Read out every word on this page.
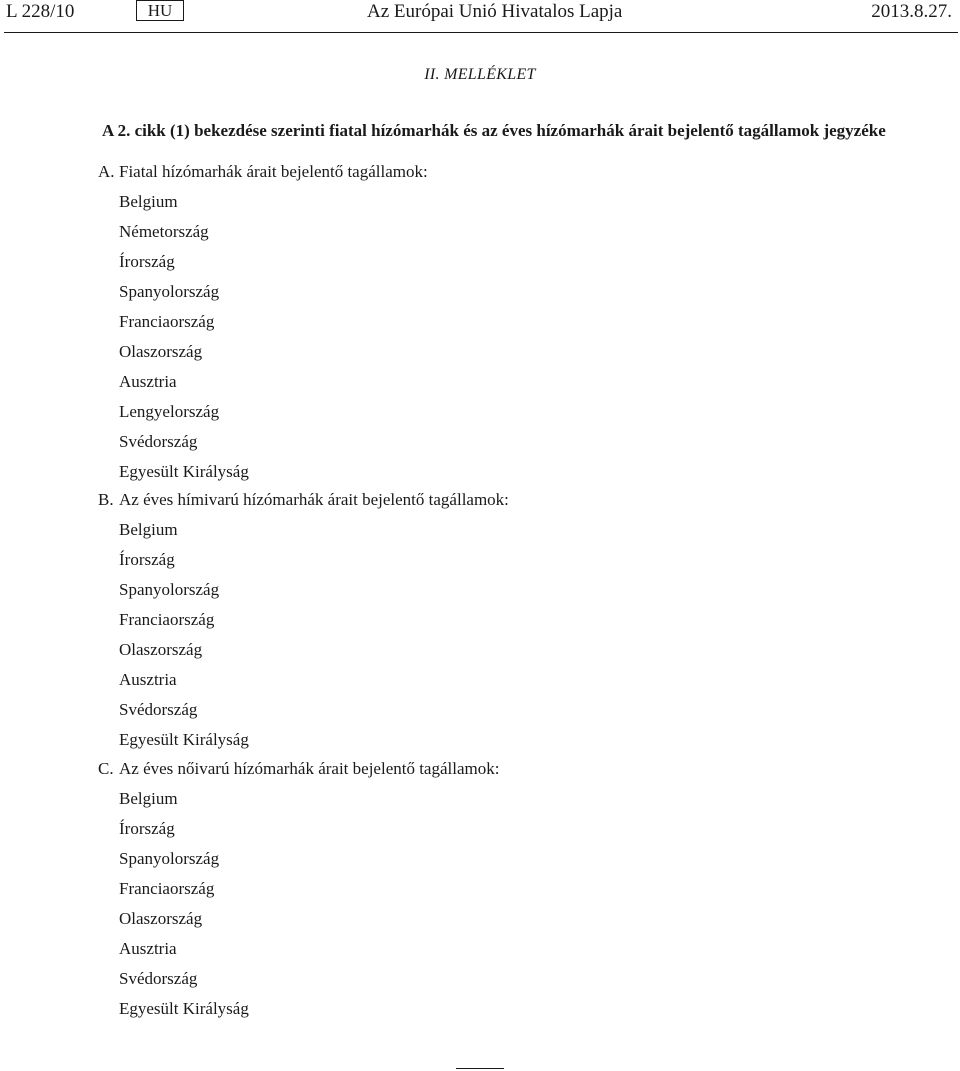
L 228/10	HU	Az Európai Unió Hivatalos Lapja	2013.8.27.
II. MELLÉKLET
A 2. cikk (1) bekezdése szerinti fiatal hízómarhák és az éves hízómarhák árait bejelentő tagállamok jegyzéke
A. Fiatal hízómarhák árait bejelentő tagállamok:
Belgium
Németország
Írország
Spanyolország
Franciaország
Olaszország
Ausztria
Lengyelország
Svédország
Egyesült Királyság
B. Az éves hímivarú hízómarhák árait bejelentő tagállamok:
Belgium
Írország
Spanyolország
Franciaország
Olaszország
Ausztria
Svédország
Egyesült Királyság
C. Az éves nőivarú hízómarhák árait bejelentő tagállamok:
Belgium
Írország
Spanyolország
Franciaország
Olaszország
Ausztria
Svédország
Egyesült Királyság
